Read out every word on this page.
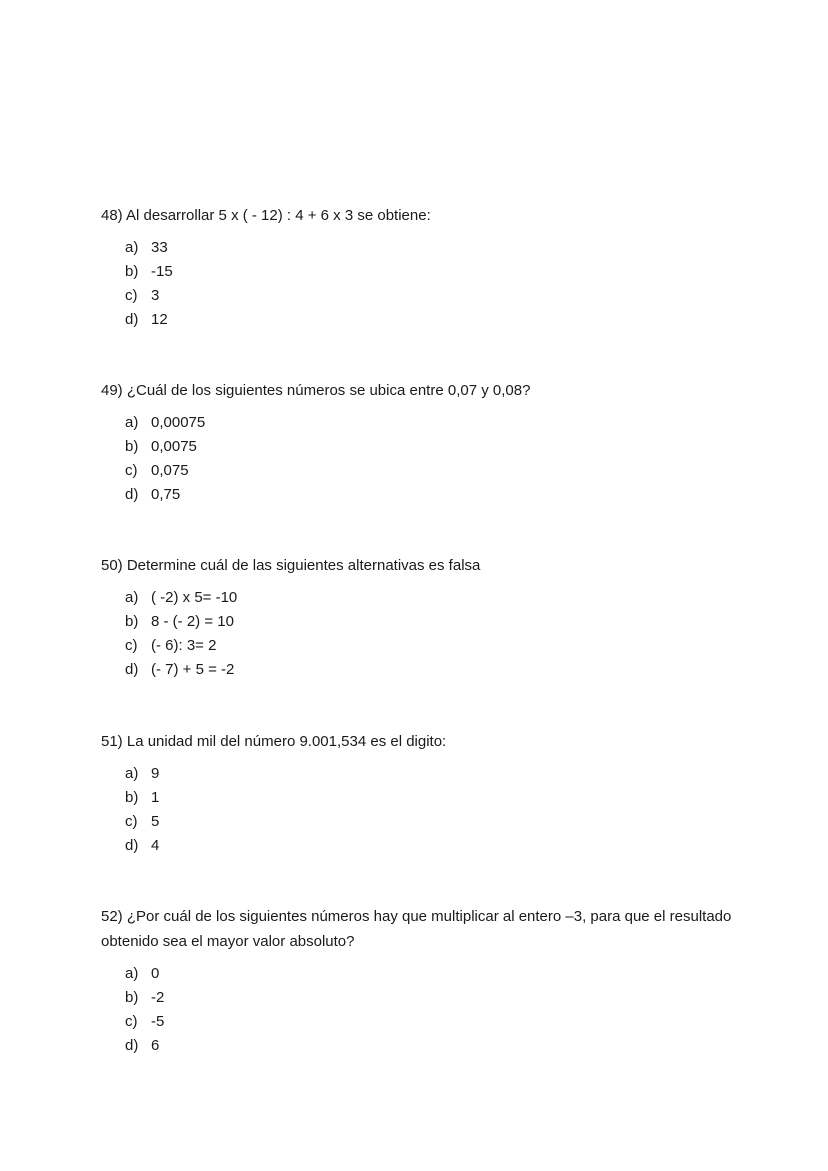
48) Al desarrollar 5 x ( - 12) : 4 + 6 x 3 se obtiene:

a) 33
b) -15
c) 3
d) 12

49) ¿Cuál de los siguientes números se ubica entre 0,07 y 0,08?

a) 0,00075
b) 0,0075
c) 0,075
d) 0,75

50) Determine cuál de las siguientes alternativas es falsa

a) ( -2) x 5= -10
b) 8 - (- 2) = 10
c) (- 6): 3= 2
d) (- 7) + 5 = -2

51) La unidad mil del número 9.001,534 es el digito:

a) 9
b) 1
c) 5
d) 4

52) ¿Por cuál de los siguientes números hay que multiplicar al entero –3, para que el resultado obtenido sea el mayor valor absoluto?

a) 0
b) -2
c) -5
d) 6
